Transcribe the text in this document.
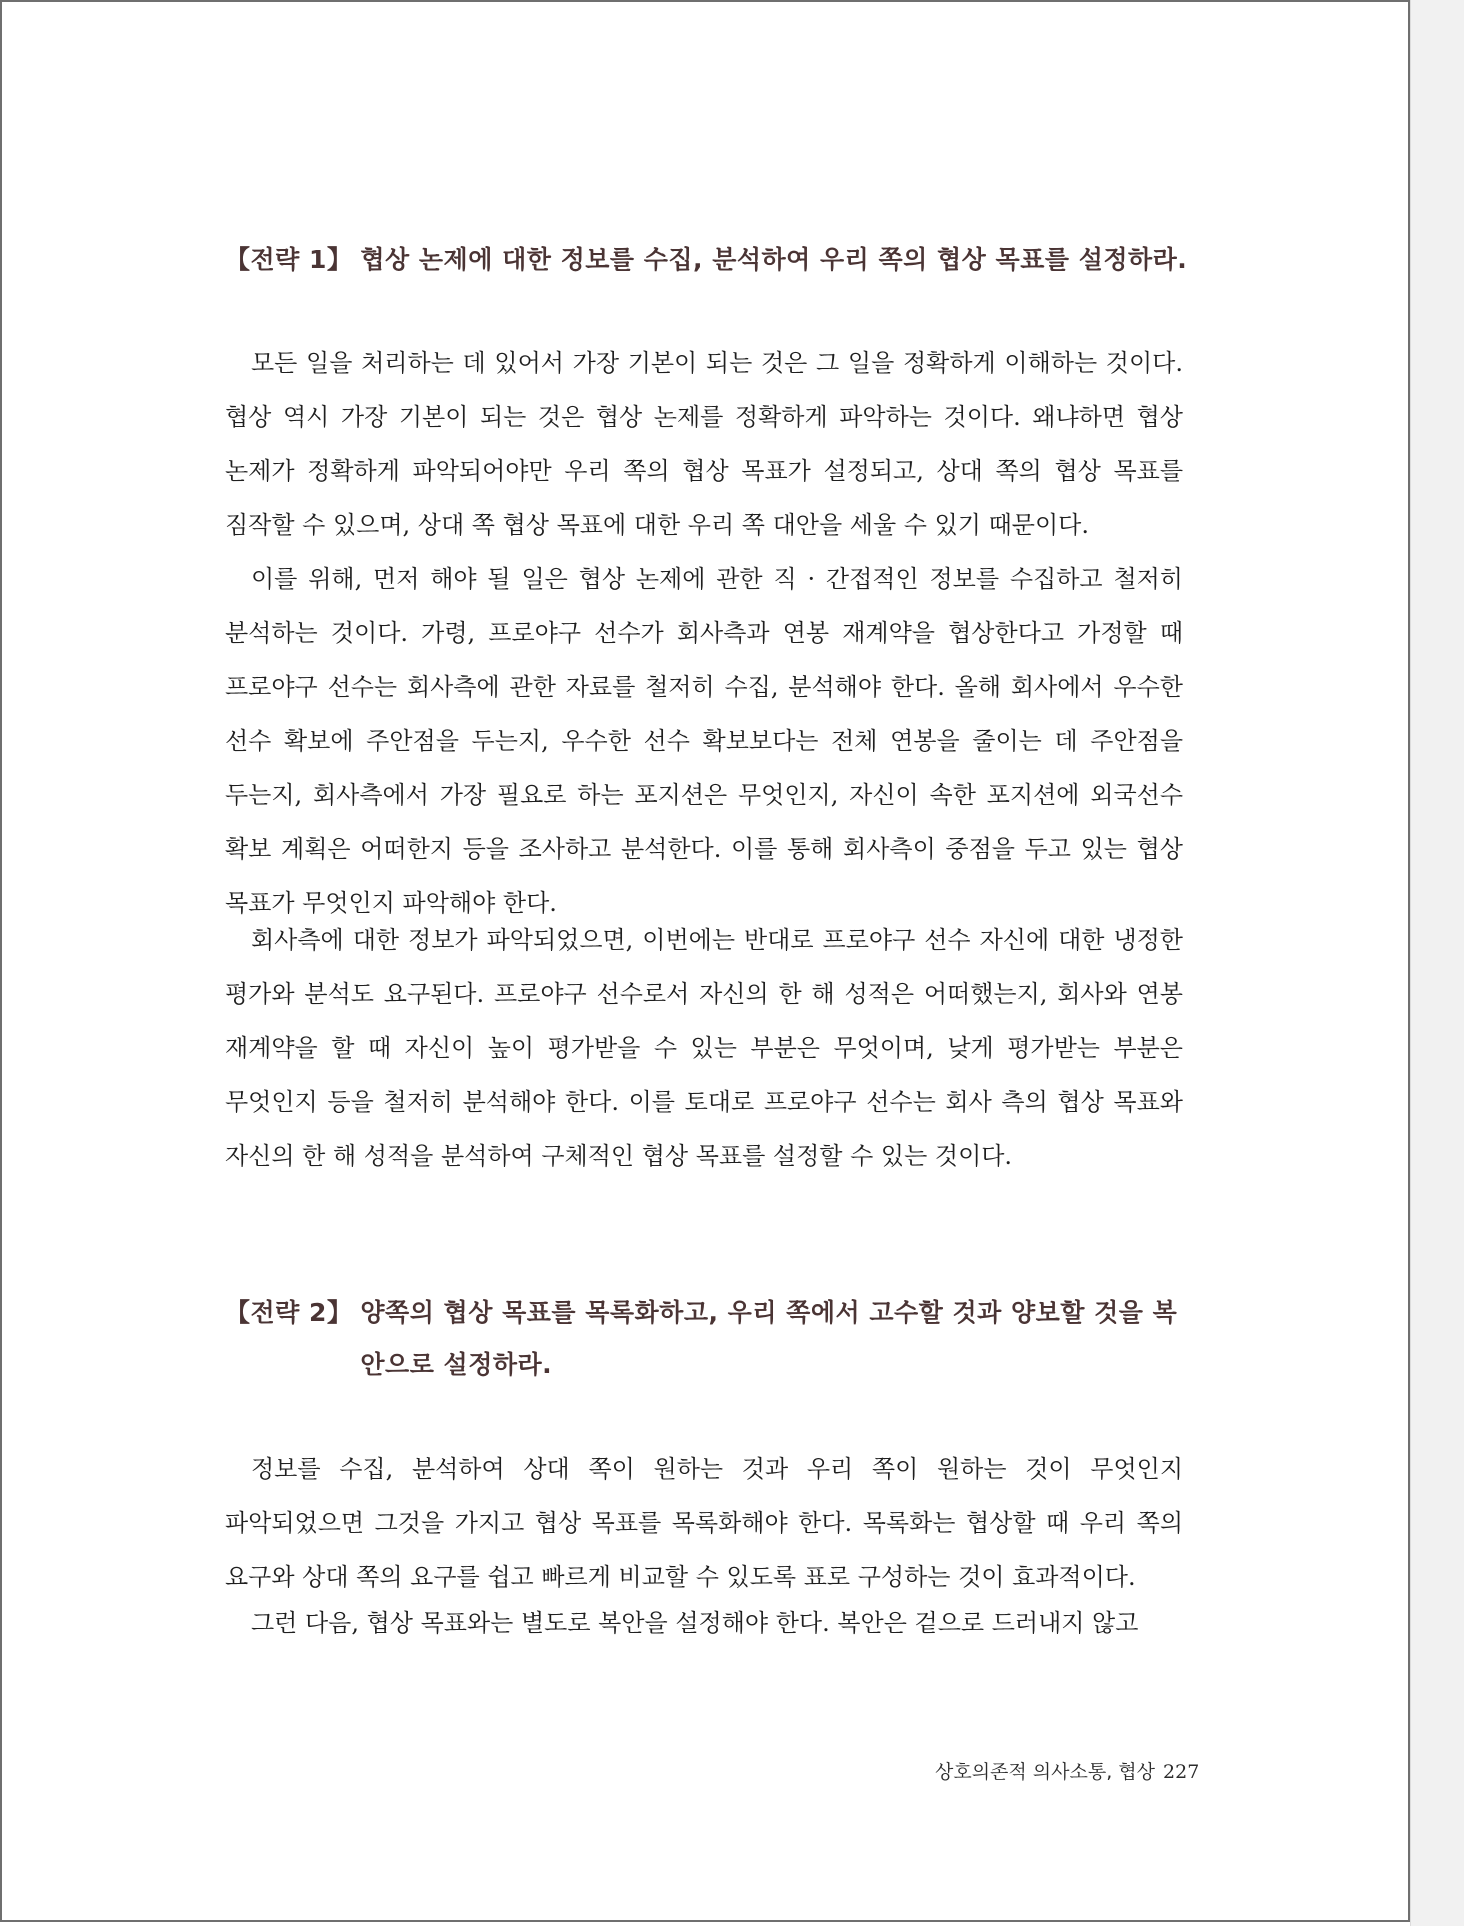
【전략 1】 협상 논제에 대한 정보를 수집, 분석하여 우리 쪽의 협상 목표를 설정하라.

모든 일을 처리하는 데 있어서 가장 기본이 되는 것은 그 일을 정확하게 이해하는 것이다. 협상 역시 가장 기본이 되는 것은 협상 논제를 정확하게 파악하는 것이다. 왜냐하면 협상 논제가 정확하게 파악되어야만 우리 쪽의 협상 목표가 설정되고, 상대 쪽의 협상 목표를 짐작할 수 있으며, 상대 쪽 협상 목표에 대한 우리 쪽 대안을 세울 수 있기 때문이다.

이를 위해, 먼저 해야 될 일은 협상 논제에 관한 직 · 간접적인 정보를 수집하고 철저히 분석하는 것이다. 가령, 프로야구 선수가 회사측과 연봉 재계약을 협상한다고 가정할 때 프로야구 선수는 회사측에 관한 자료를 철저히 수집, 분석해야 한다. 올해 회사에서 우수한 선수 확보에 주안점을 두는지, 우수한 선수 확보보다는 전체 연봉을 줄이는 데 주안점을 두는지, 회사측에서 가장 필요로 하는 포지션은 무엇인지, 자신이 속한 포지션에 외국선수 확보 계획은 어떠한지 등을 조사하고 분석한다. 이를 통해 회사측이 중점을 두고 있는 협상 목표가 무엇인지 파악해야 한다.

회사측에 대한 정보가 파악되었으면, 이번에는 반대로 프로야구 선수 자신에 대한 냉정한 평가와 분석도 요구된다. 프로야구 선수로서 자신의 한 해 성적은 어떠했는지, 회사와 연봉 재계약을 할 때 자신이 높이 평가받을 수 있는 부분은 무엇이며, 낮게 평가받는 부분은 무엇인지 등을 철저히 분석해야 한다. 이를 토대로 프로야구 선수는 회사 측의 협상 목표와 자신의 한 해 성적을 분석하여 구체적인 협상 목표를 설정할 수 있는 것이다.

【전략 2】 양쪽의 협상 목표를 목록화하고, 우리 쪽에서 고수할 것과 양보할 것을 복안으로 설정하라.

정보를 수집, 분석하여 상대 쪽이 원하는 것과 우리 쪽이 원하는 것이 무엇인지 파악되었으면 그것을 가지고 협상 목표를 목록화해야 한다. 목록화는 협상할 때 우리 쪽의 요구와 상대 쪽의 요구를 쉽고 빠르게 비교할 수 있도록 표로 구성하는 것이 효과적이다.

그런 다음, 협상 목표와는 별도로 복안을 설정해야 한다. 복안은 겉으로 드러내지 않고

상호의존적 의사소통, 협상 227
